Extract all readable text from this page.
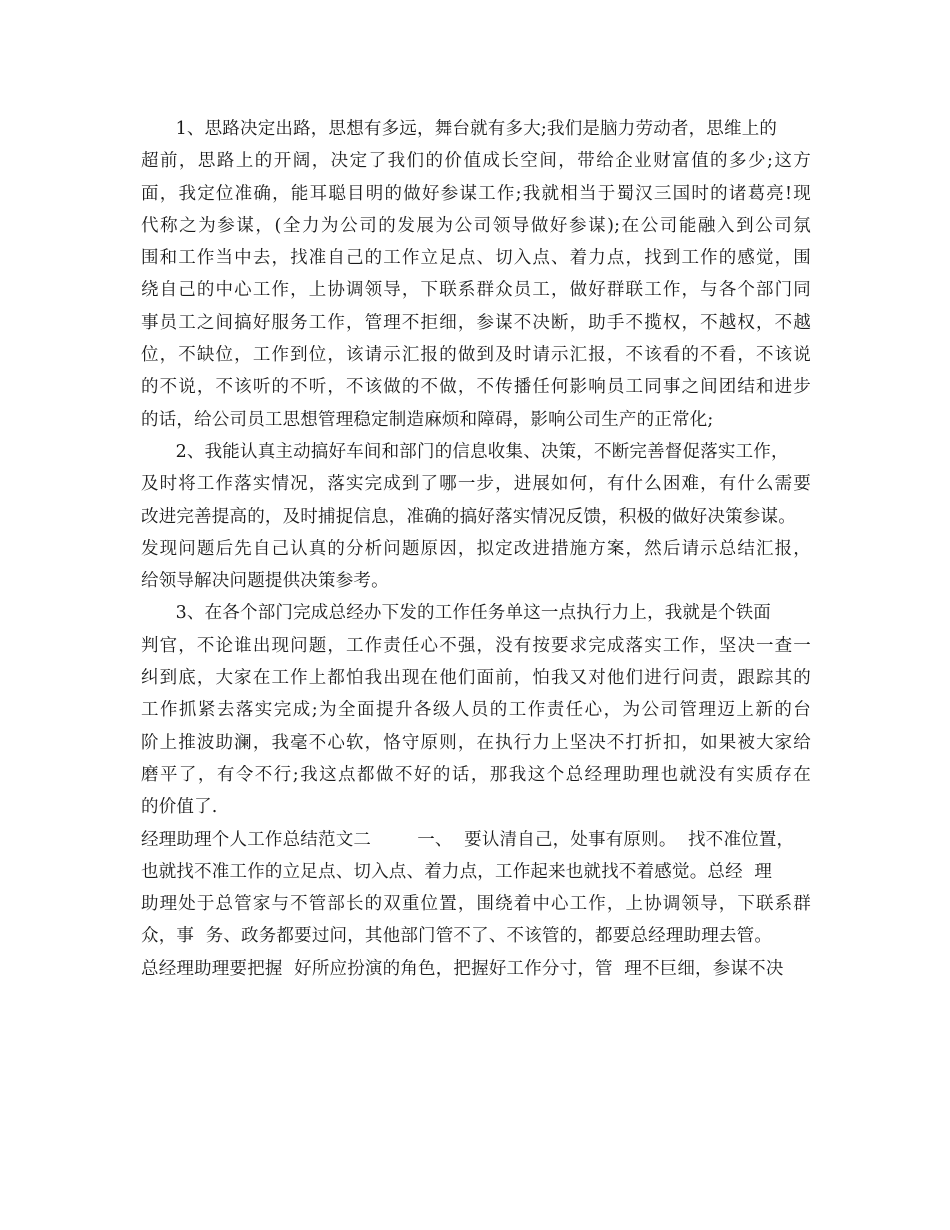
1、思路决定出路，思想有多远，舞台就有多大;我们是脑力劳动者，思维上的
超前，思路上的开阔，决定了我们的价值成长空间，带给企业财富值的多少;这方
面，我定位准确，能耳聪目明的做好参谋工作;我就相当于蜀汉三国时的诸葛亮!现
代称之为参谋，(全力为公司的发展为公司领导做好参谋);在公司能融入到公司氛
围和工作当中去，找准自己的工作立足点、切入点、着力点，找到工作的感觉，围
绕自己的中心工作，上协调领导，下联系群众员工，做好群联工作，与各个部门同
事员工之间搞好服务工作，管理不拒细，参谋不决断，助手不揽权，不越权，不越
位，不缺位，工作到位，该请示汇报的做到及时请示汇报，不该看的不看，不该说
的不说，不该听的不听，不该做的不做，不传播任何影响员工同事之间团结和进步
的话，给公司员工思想管理稳定制造麻烦和障碍，影响公司生产的正常化;
2、我能认真主动搞好车间和部门的信息收集、决策，不断完善督促落实工作，
及时将工作落实情况，落实完成到了哪一步，进展如何，有什么困难，有什么需要
改进完善提高的，及时捕捉信息，准确的搞好落实情况反馈，积极的做好决策参谋。
发现问题后先自己认真的分析问题原因，拟定改进措施方案，然后请示总结汇报，
给领导解决问题提供决策参考。
3、在各个部门完成总经办下发的工作任务单这一点执行力上，我就是个铁面
判官，不论谁出现问题，工作责任心不强，没有按要求完成落实工作，坚决一查一
纠到底，大家在工作上都怕我出现在他们面前，怕我又对他们进行问责，跟踪其的
工作抓紧去落实完成;为全面提升各级人员的工作责任心，为公司管理迈上新的台
阶上推波助澜，我毫不心软，恪守原则，在执行力上坚决不打折扣，如果被大家给
磨平了，有令不行;我这点都做不好的话，那我这个总经理助理也就没有实质存在
的价值了.
经理助理个人工作总结范文二        一、  要认清自己，处事有原则。  找不准位置，
也就找不准工作的立足点、切入点、着力点，工作起来也就找不着感觉。总经  理
助理处于总管家与不管部长的双重位置，围绕着中心工作，上协调领导，下联系群
众，事  务、政务都要过问，其他部门管不了、不该管的，都要总经理助理去管。
总经理助理要把握  好所应扮演的角色，把握好工作分寸，管  理不巨细，参谋不决
